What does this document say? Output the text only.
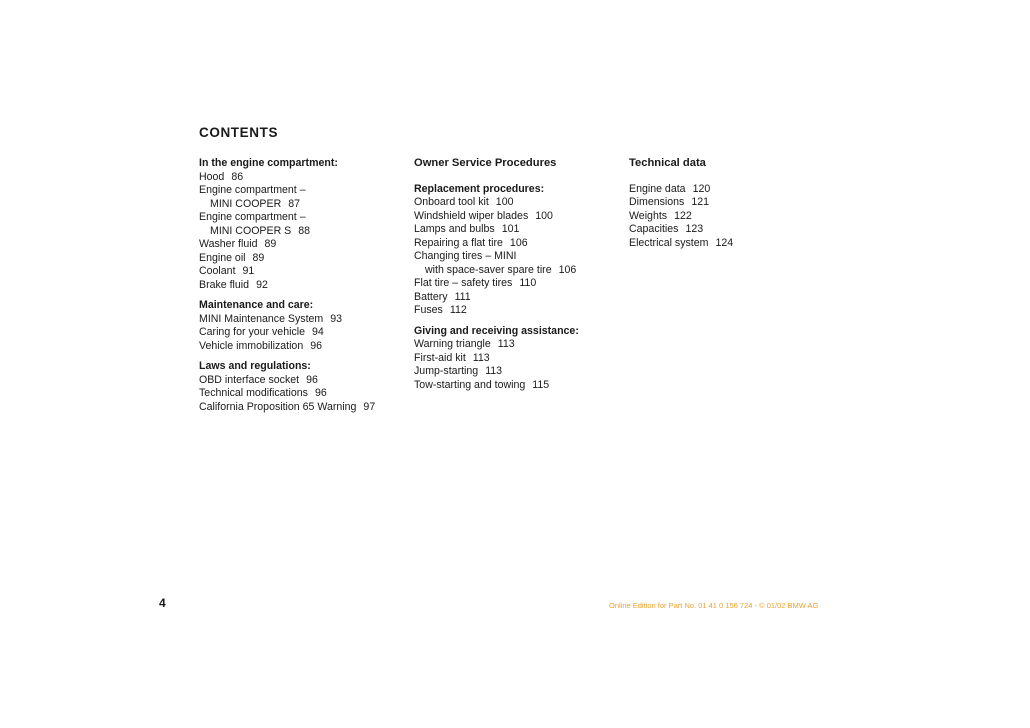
CONTENTS
In the engine compartment:
Hood 86
Engine compartment –
MINI COOPER 87
Engine compartment –
MINI COOPER S 88
Washer fluid 89
Engine oil 89
Coolant 91
Brake fluid 92
Maintenance and care:
MINI Maintenance System 93
Caring for your vehicle 94
Vehicle immobilization 96
Laws and regulations:
OBD interface socket 96
Technical modifications 96
California Proposition 65 Warning 97
Owner Service Procedures
Replacement procedures:
Onboard tool kit 100
Windshield wiper blades 100
Lamps and bulbs 101
Repairing a flat tire 106
Changing tires – MINI
with space-saver spare tire 106
Flat tire – safety tires 110
Battery 111
Fuses 112
Giving and receiving assistance:
Warning triangle 113
First-aid kit 113
Jump-starting 113
Tow-starting and towing 115
Technical data
Engine data 120
Dimensions 121
Weights 122
Capacities 123
Electrical system 124
4	Online Edition for Part No. 01 41 0 156 724 - © 01/02 BMW AG
